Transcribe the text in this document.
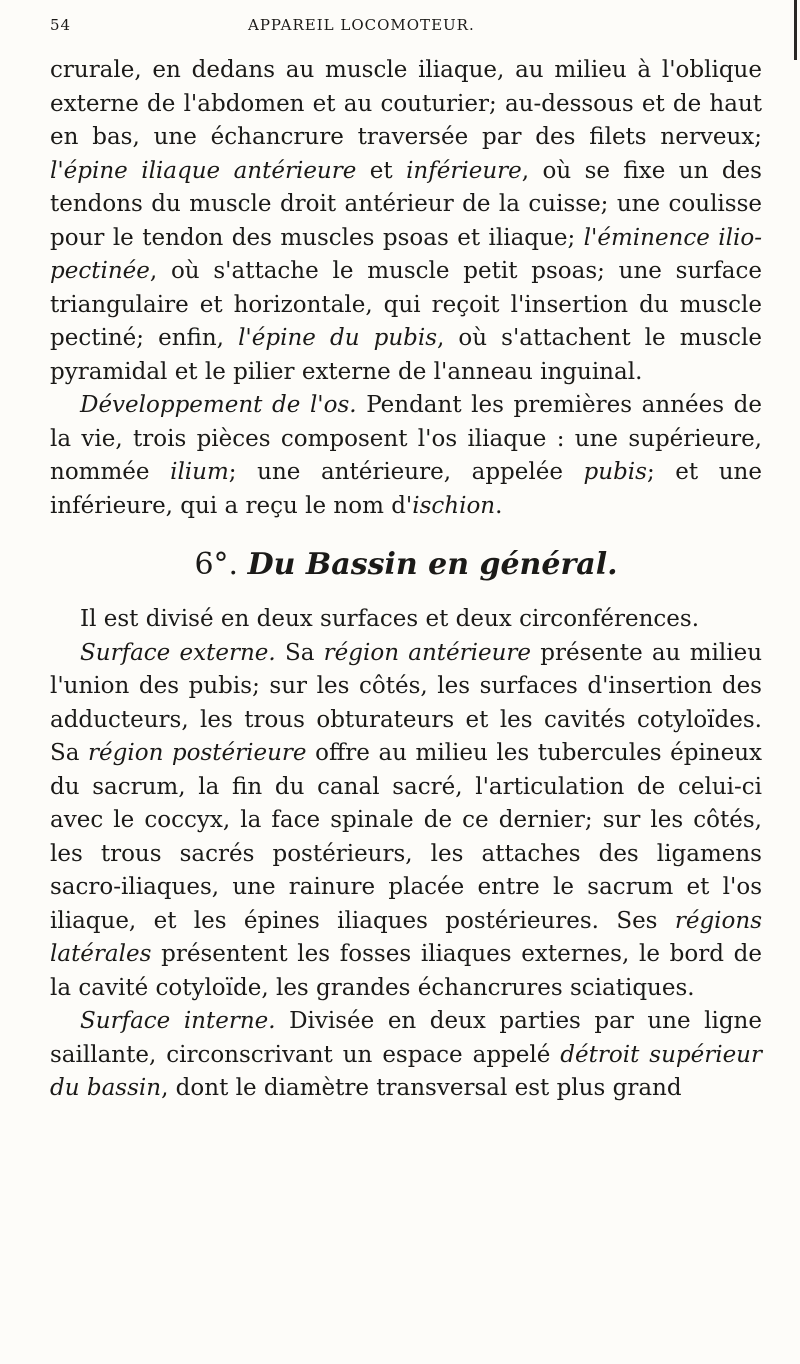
54	APPAREIL LOCOMOTEUR.

crurale, en dedans au muscle iliaque, au milieu à l'oblique externe de l'abdomen et au couturier; au-dessous et de haut en bas, une échancrure traversée par des filets nerveux; l'épine iliaque antérieure et inférieure, où se fixe un des tendons du muscle droit antérieur de la cuisse; une coulisse pour le tendon des muscles psoas et iliaque; l'éminence ilio-pectinée, où s'attache le muscle petit psoas; une surface triangulaire et horizontale, qui reçoit l'insertion du muscle pectiné; enfin, l'épine du pubis, où s'attachent le muscle pyramidal et le pilier externe de l'anneau inguinal.

Développement de l'os. Pendant les premières années de la vie, trois pièces composent l'os iliaque : une supérieure, nommée ilium; une antérieure, appelée pubis; et une inférieure, qui a reçu le nom d'ischion.

6°. Du Bassin en général.

Il est divisé en deux surfaces et deux circonférences.

Surface externe. Sa région antérieure présente au milieu l'union des pubis; sur les côtés, les surfaces d'insertion des adducteurs, les trous obturateurs et les cavités cotyloïdes. Sa région postérieure offre au milieu les tubercules épineux du sacrum, la fin du canal sacré, l'articulation de celui-ci avec le coccyx, la face spinale de ce dernier; sur les côtés, les trous sacrés postérieurs, les attaches des ligamens sacro-iliaques, une rainure placée entre le sacrum et l'os iliaque, et les épines iliaques postérieures. Ses régions latérales présentent les fosses iliaques externes, le bord de la cavité cotyloïde, les grandes échancrures sciatiques.

Surface interne. Divisée en deux parties par une ligne saillante, circonscrivant un espace appelé détroit supérieur du bassin, dont le diamètre transversal est plus grand
